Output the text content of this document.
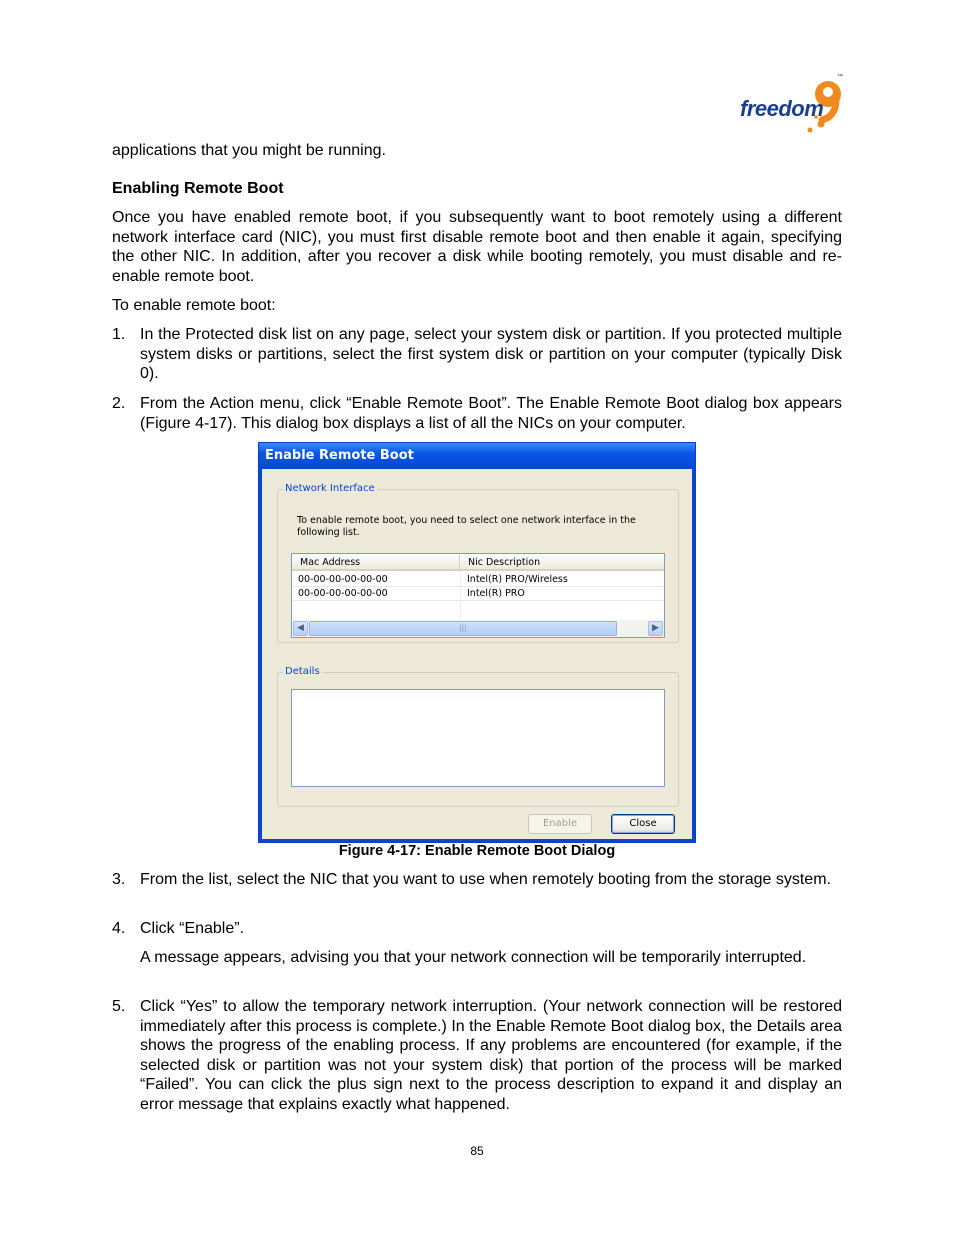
freedom
™
applications that you might be running.
Enabling Remote Boot
Once you have enabled remote boot, if you subsequently want to boot remotely using a different network interface card (NIC), you must first disable remote boot and then enable it again, specifying the other NIC. In addition, after you recover a disk while booting remotely, you must disable and re-enable remote boot.
To enable remote boot:
1. In the Protected disk list on any page, select your system disk or partition. If you protected multiple system disks or partitions, select the first system disk or partition on your computer (typically Disk 0).
2. From the Action menu, click “Enable Remote Boot”. The Enable Remote Boot dialog box appears (Figure 4-17). This dialog box displays a list of all the NICs on your computer.
Enable Remote Boot
Network Interface
To enable remote boot, you need to select one network interface in the following list.
Mac Address	Nic Description
00-00-00-00-00-00	Intel(R) PRO/Wireless
00-00-00-00-00-00	Intel(R) PRO
◀	|||	▶
Details
Enable	Close
Figure 4-17: Enable Remote Boot Dialog
3. From the list, select the NIC that you want to use when remotely booting from the storage system.
4. Click “Enable”.
A message appears, advising you that your network connection will be temporarily interrupted.
5. Click “Yes” to allow the temporary network interruption. (Your network connection will be restored immediately after this process is complete.) In the Enable Remote Boot dialog box, the Details area shows the progress of the enabling process. If any problems are encountered (for example, if the selected disk or partition was not your system disk) that portion of the process will be marked “Failed”. You can click the plus sign next to the process description to expand it and display an error message that explains exactly what happened.
85
